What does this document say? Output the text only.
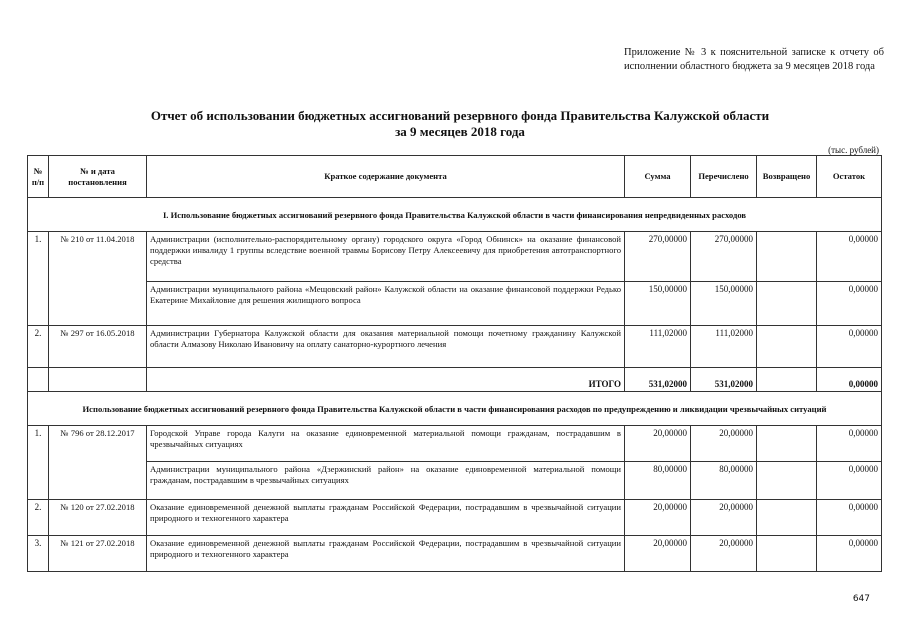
Приложение № 3 к пояснительной записке к отчету об исполнении областного бюджета за 9 месяцев 2018 года
Отчет об использовании бюджетных ассигнований резервного фонда Правительства Калужской области
за 9 месяцев 2018 года
(тыс. рублей)
№ п/п	№ и дата постановления	Краткое содержание документа	Сумма	Перечислено	Возвращено	Остаток
I. Использование бюджетных ассигнований резервного фонда Правительства Калужской области в части финансирования непредвиденных расходов						
1.	№ 210 от 11.04.2018	Администрации (исполнительно-распорядительному органу) городского округа «Город Обнинск» на оказание финансовой поддержки инвалиду 1 группы вследствие военной травмы Борисову Петру Алексеевичу для приобретения автотранспортного средства	270,00000	270,00000		0,00000
		Администрации муниципального района «Мещовский район» Калужской области на оказание финансовой поддержки Редько Екатерине Михайловне для решения жилищного вопроса	150,00000	150,00000		0,00000
2.	№ 297 от 16.05.2018	Администрации Губернатора Калужской области для оказания материальной помощи почетному гражданину Калужской области Алмазову Николаю Ивановичу на оплату санаторно-курортного лечения	111,02000	111,02000		0,00000
		ИТОГО	531,02000	531,02000		0,00000
Использование бюджетных ассигнований резервного фонда Правительства Калужской области в части финансирования расходов по предупреждению и ликвидации чрезвычайных ситуаций						
1.	№ 796 от 28.12.2017	Городской Управе города Калуги на оказание единовременной материальной помощи гражданам, пострадавшим в чрезвычайных ситуациях	20,00000	20,00000		0,00000
		Администрации муниципального района «Дзержинский район» на оказание единовременной материальной помощи гражданам, пострадавшим в чрезвычайных ситуациях	80,00000	80,00000		0,00000
2.	№ 120 от 27.02.2018	Оказание единовременной денежной выплаты гражданам Российской Федерации, пострадавшим в чрезвычайной ситуации природного и техногенного характера	20,00000	20,00000		0,00000
3.	№ 121 от 27.02.2018	Оказание единовременной денежной выплаты гражданам Российской Федерации, пострадавшим в чрезвычайной ситуации природного и техногенного характера	20,00000	20,00000		0,00000
647
